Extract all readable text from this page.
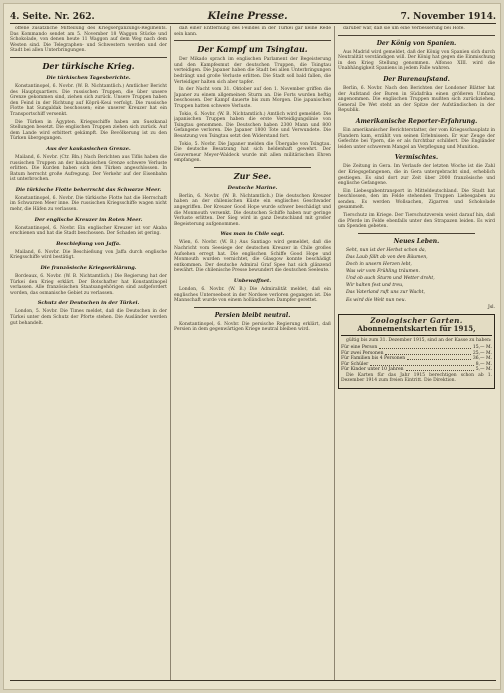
4. Seite. Nr. 262.	Kleine Presse.	7. November 1914.
offene zusätzliche Mitteilung des Kriegsergänzungs-Regiments. Das Kommando sendet am 5. November 18 Waggon Stücke und Schokolade, von denen heute 11 Waggon auf dem Weg nach dem Westen sind. Die Telegraphen- und Schwestern werden und der Stadt bei allen Unterbringungen.
Der türkische Krieg.
Die türkischen Tagesberichte.
Konstantinopel, 6. Novbr. (W. B. Nichtamtlich.) Amtlicher Bericht des Hauptquartiers. Die russischen Truppen, die über unsere Grenze gekommen sind, ziehen sich zurück. Unsere Truppen haben den Feind in der Richtung auf Köprü-Keui verfolgt. Die russische Flotte hat Sungaldak beschossen; eine unserer Kreuzer hat ein Transportschiff versenkt.
Die Türken in Ägypten. Kriegsschiffe haben am Suezkanal Stellungen besetzt. Die englischen Truppen ziehen sich zurück. Auf dem Lande wird erbittert gekämpft. Die Bevölkerung ist zu den Türken übergegangen.
Aus der kaukasischen Grenze.
Mailand, 6. Novbr. (Ctr. Bln.) Nach Berichten aus Tiflis haben die russischen Truppen an der kaukasischen Grenze schwere Verluste erlitten. Die Kurden haben sich den Türken angeschlossen. In Batum herrscht große Aufregung. Der Verkehr auf der Eisenbahn ist unterbrochen.
Die türkische Flotte beherrscht das Schwarze Meer.
Konstantinopel, 6. Novbr. Die türkische Flotte hat die Herrschaft im Schwarzen Meer inne. Die russischen Kriegsschiffe wagen nicht mehr, die Häfen zu verlassen.
Der englische Kreuzer im Roten Meer.
Konstantinopel, 6. Novbr. Ein englischer Kreuzer ist vor Akaba erschienen und hat die Stadt beschossen. Der Schaden ist gering.
Beschießung von Jaffa.
Mailand, 6. Novbr. Die Beschießung von Jaffa durch englische Kriegsschiffe wird bestätigt.
Die französische Kriegserklärung.
Bordeaux, 6. Novbr. (W. B. Nichtamtlich.) Die Regierung hat der Türkei den Krieg erklärt. Der Botschafter hat Konstantinopel verlassen. Alle französischen Staatsangehörigen sind aufgefordert worden, das osmanische Gebiet zu verlassen.
Schutz der Deutschen in der Türkei.
London, 5. Novbr. Die Times meldet, daß die Deutschen in der Türkei unter dem Schutz der Pforte stehen. Die Ausländer werden gut behandelt.
daß einer Entfernung des Feindes in der Türkei gar keine Rede sein kann.
Der Kampf um Tsingtau.
Der Mikado sprach im englischen Parlament der Begeisterung und den Kampfesmut der deutschen Truppen, die Tsingtau verteidigen. Die Japaner haben die Stadt bei allen Unterbringungen bedrängt und große Verluste erlitten. Die Stadt soll bald fallen, die Verteidiger halten sich aber tapfer.
In der Nacht vom 31. Oktober auf den 1. November griffen die Japaner zu einem allgemeinen Sturm an. Die Forts wurden heftig beschossen. Der Kampf dauerte bis zum Morgen. Die japanischen Truppen hatten schwere Verluste.
Tokio, 6. Novbr. (W. B. Nichtamtlich.) Amtlich wird gemeldet: Die japanischen Truppen haben die erste Verteidigungslinie von Tsingtau genommen. Die Deutschen haben 2300 Mann und 800 Gefangene verloren. Die Japaner 1800 Tote und Verwundete. Die Besatzung von Tsingtau setzt den Widerstand fort.
Tokio, 5. Novbr. Die Japaner melden die Übergabe von Tsingtau. Die deutsche Besatzung hat sich heldenhaft gewehrt. Der Gouverneur Meyer-Waldeck wurde mit allen militärischen Ehren empfangen.
Zur See.
Deutsche Marine.
Berlin, 6. Novbr. (W. B. Nichtamtlich.) Die deutschen Kreuzer haben an der chilenischen Küste ein englisches Geschwader angegriffen. Der Kreuzer Good Hope wurde schwer beschädigt und die Monmouth versenkt. Die deutschen Schiffe haben nur geringe Verluste erlitten. Der Sieg wird in ganz Deutschland mit großer Begeisterung aufgenommen.
Was man in Chile sagt.
Wien, 6. Novbr. (W. B.) Aus Santiago wird gemeldet, daß die Nachricht vom Seesiege der deutschen Kreuzer in Chile großes Aufsehen erregt hat. Die englischen Schiffe Good Hope und Monmouth wurden vernichtet, die Glasgow konnte beschädigt entkommen. Der deutsche Admiral Graf Spee hat sich glänzend bewährt. Die chilenische Presse bewundert die deutschen Seeleute.
Unbewaffnet.
London, 6. Novbr. (W. B.) Die Admiralität meldet, daß ein englisches Unterseeboot in der Nordsee verloren gegangen ist. Die Mannschaft wurde von einem holländischen Dampfer gerettet.
Persien bleibt neutral.
Konstantinopel, 6. Novbr. Die persische Regierung erklärt, daß Persien in dem gegenwärtigen Kriege neutral bleiben wird.
darüber war, daß sie um eine Verbesserung bei Hofe.
Der König von Spanien.
Aus Madrid wird gemeldet, daß der König von Spanien sich durch Neutralität verständigen will. Der König hat gegen die Einmischung in den Krieg Stellung genommen. Alfonso XIII. wird die Unabhängigkeit Spaniens in jedem Falle wahren.
Der Burenaufstand.
Berlin, 6. Novbr. Nach den Berichten der Londoner Blätter hat der Aufstand der Buren in Südafrika einen größeren Umfang angenommen. Die englischen Truppen mußten sich zurückziehen. General De Wet steht an der Spitze der Aufständischen in der Republik.
Amerikanische Reporter-Erfahrung.
Ein amerikanischer Berichterstatter, der vom Kriegsschauplatz in Flandern kam, erzählt von seinen Erlebnissen. Er war Zeuge der Gefechte bei Ypern, die er als furchtbar schildert. Die Engländer leiden unter schwerem Mangel an Verpflegung und Munition.
Vermischtes.
Die Zeitung in Gera. Im Verlaufe der letzten Woche ist die Zahl der Kriegsgefangenen, die in Gera untergebracht sind, erheblich gestiegen. Es sind dort zur Zeit über 2000 französische und englische Gefangene.
Ein Liebesgabentransport in Mitteldeutschland. Die Stadt hat beschlossen, den im Felde stehenden Truppen Liebesgaben zu senden. Es werden Wollsachen, Zigarren und Schokolade gesammelt.
Tierschutz im Kriege. Der Tierschutzverein weist darauf hin, daß die Pferde im Felde ebenfalls unter den Strapazen leiden. Es wird um Spenden gebeten.
Neues Leben.
Seht, nun ist der Herbst schon da,
Das Laub fällt ab von den Bäumen,
Doch in unsern Herzen lebt,
Was wir vom Frühling träumen.
Und ob auch Sturm und Wetter droht,
Wir halten fest und treu,
Das Vaterland ruft uns zur Wacht,
Es wird die Welt nun neu.
Jsl.
Zoologischer Garten.
Abonnementskarten für 1915,
gültig bis zum 31. Dezember 1915, sind an der Kasse zu haben:
Für eine Person	15,— M.
Für zwei Personen	25,— M.
Für Familien bis 4 Personen	36,— M.
Für Schüler	8,— M.
Für Kinder unter 10 Jahren	5,— M.
Die Karten für das Jahr 1915 berechtigen schon ab 1. Dezember 1914 zum freien Eintritt. Die Direktion.
